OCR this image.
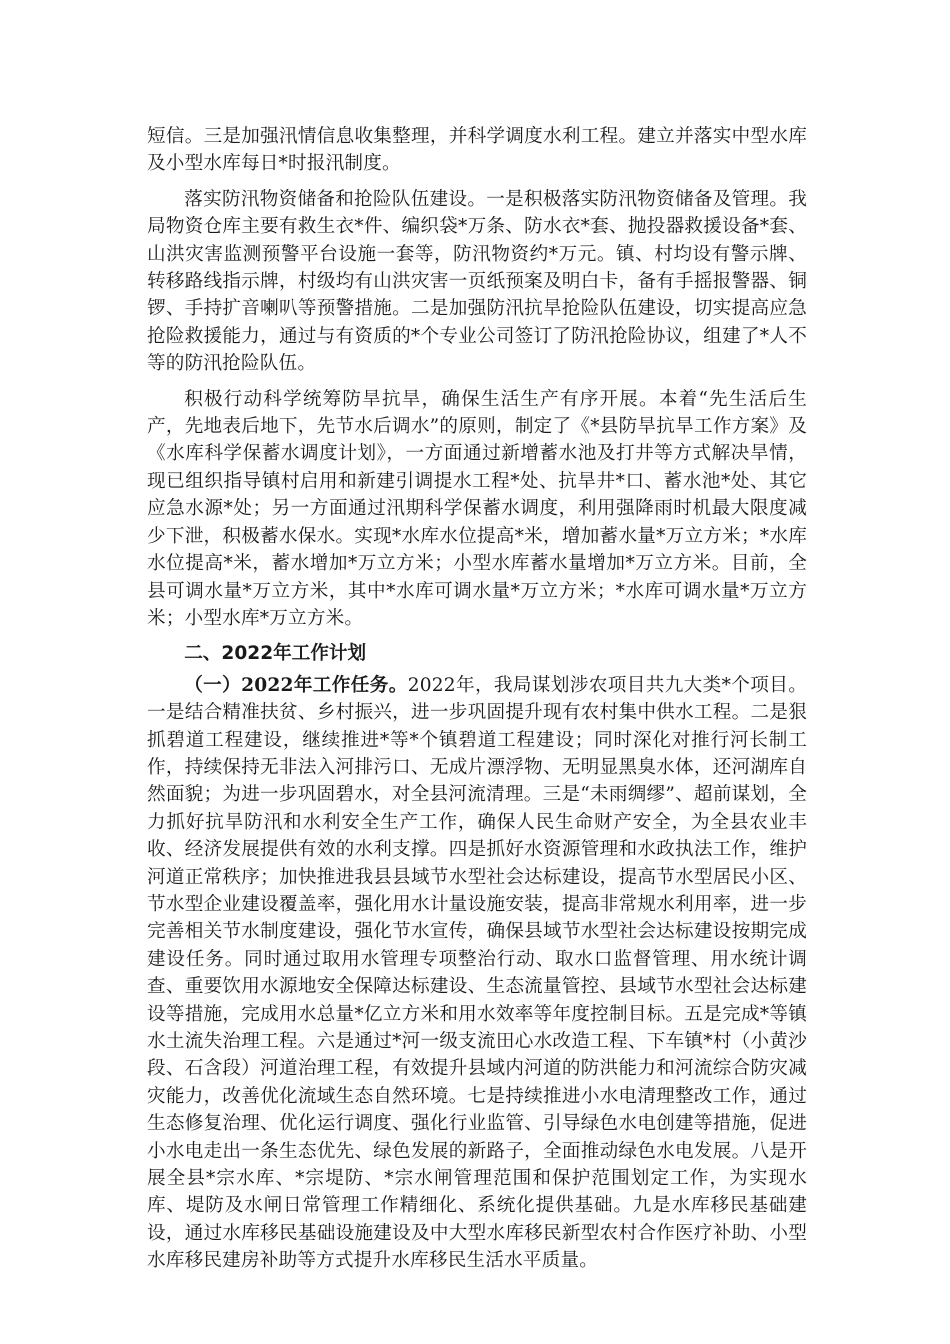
短信。三是加强汛情信息收集整理，并科学调度水利工程。建立并落实中型水库及小型水库每日*时报汛制度。

落实防汛物资储备和抢险队伍建设。一是积极落实防汛物资储备及管理。我局物资仓库主要有救生衣*件、编织袋*万条、防水衣*套、抛投器救援设备*套、山洪灾害监测预警平台设施一套等，防汛物资约*万元。镇、村均设有警示牌、转移路线指示牌，村级均有山洪灾害一页纸预案及明白卡，备有手摇报警器、铜锣、手持扩音喇叭等预警措施。二是加强防汛抗旱抢险队伍建设，切实提高应急抢险救援能力，通过与有资质的*个专业公司签订了防汛抢险协议，组建了*人不等的防汛抢险队伍。

积极行动科学统筹防旱抗旱，确保生活生产有序开展。本着“先生活后生产，先地表后地下，先节水后调水”的原则，制定了《*县防旱抗旱工作方案》及《水库科学保蓄水调度计划》，一方面通过新增蓄水池及打井等方式解决旱情，现已组织指导镇村启用和新建引调提水工程*处、抗旱井*口、蓄水池*处、其它应急水源*处；另一方面通过汛期科学保蓄水调度，利用强降雨时机最大限度减少下泄，积极蓄水保水。实现*水库水位提高*米，增加蓄水量*万立方米；*水库水位提高*米，蓄水增加*万立方米；小型水库蓄水量增加*万立方米。目前，全县可调水量*万立方米，其中*水库可调水量*万立方米；*水库可调水量*万立方米；小型水库*万立方米。

二、2022年工作计划

（一）2022年工作任务。2022年，我局谋划涉农项目共九大类*个项目。一是结合精准扶贫、乡村振兴，进一步巩固提升现有农村集中供水工程。二是狠抓碧道工程建设，继续推进*等*个镇碧道工程建设；同时深化对推行河长制工作，持续保持无非法入河排污口、无成片漂浮物、无明显黑臭水体，还河湖库自然面貌；为进一步巩固碧水，对全县河流清理。三是“未雨绸缪”、超前谋划，全力抓好抗旱防汛和水利安全生产工作，确保人民生命财产安全，为全县农业丰收、经济发展提供有效的水利支撑。四是抓好水资源管理和水政执法工作，维护河道正常秩序；加快推进我县县域节水型社会达标建设，提高节水型居民小区、节水型企业建设覆盖率，强化用水计量设施安装，提高非常规水利用率，进一步完善相关节水制度建设，强化节水宣传，确保县域节水型社会达标建设按期完成建设任务。同时通过取用水管理专项整治行动、取水口监督管理、用水统计调查、重要饮用水源地安全保障达标建设、生态流量管控、县域节水型社会达标建设等措施，完成用水总量*亿立方米和用水效率等年度控制目标。五是完成*等镇水土流失治理工程。六是通过*河一级支流田心水改造工程、下车镇*村（小黄沙段、石含段）河道治理工程，有效提升县域内河道的防洪能力和河流综合防灾减灾能力，改善优化流域生态自然环境。七是持续推进小水电清理整改工作，通过生态修复治理、优化运行调度、强化行业监管、引导绿色水电创建等措施，促进小水电走出一条生态优先、绿色发展的新路子，全面推动绿色水电发展。八是开展全县*宗水库、*宗堤防、*宗水闸管理范围和保护范围划定工作，为实现水库、堤防及水闸日常管理工作精细化、系统化提供基础。九是水库移民基础建设，通过水库移民基础设施建设及中大型水库移民新型农村合作医疗补助、小型水库移民建房补助等方式提升水库移民生活水平质量。
